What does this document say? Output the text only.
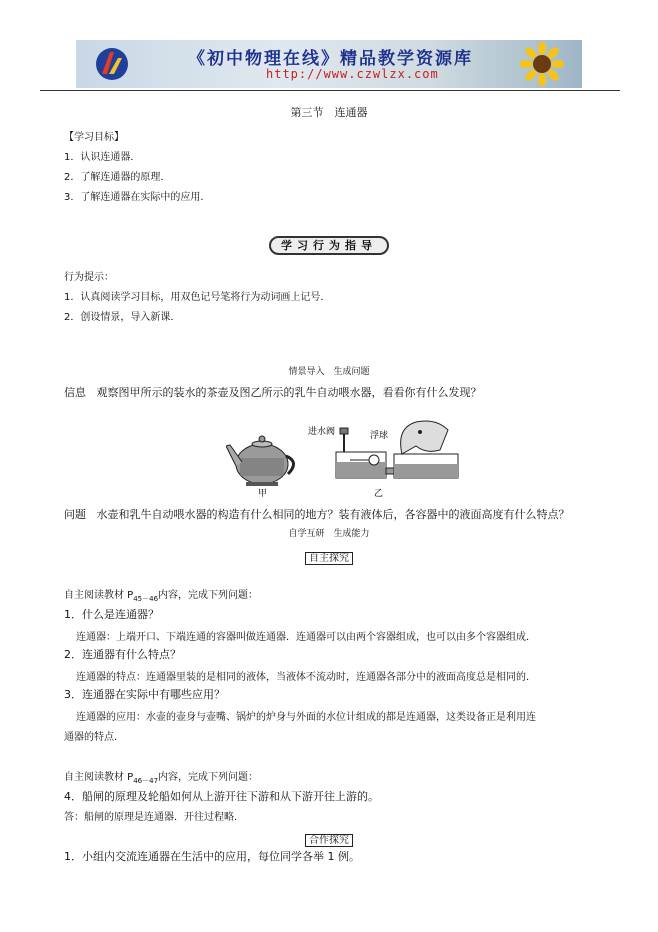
《初中物理在线》精品教学资源库
http://www.czwlzx.com
第三节　连通器
【学习目标】
1．认识连通器．
2．了解连通器的原理．
3．了解连通器在实际中的应用．
学习行为指导
行为提示：
1．认真阅读学习目标，用双色记号笔将行为动词画上记号．
2．创设情景，导入新课．
情景导入　生成问题
信息 观察图甲所示的装水的茶壶及图乙所示的乳牛自动喂水器，看看你有什么发现？
进水阀	浮球
甲	乙
问题 水壶和乳牛自动喂水器的构造有什么相同的地方？装有液体后，各容器中的液面高度有什么特点？
自学互研　生成能力
自主探究
自主阅读教材 $P_{45-46}$内容，完成下列问题：
1．什么是连通器？
连通器：上端开口、下端连通的容器叫做连通器．连通器可以由两个容器组成，也可以由多个容器组成．
2．连通器有什么特点？
连通器的特点：连通器里装的是相同的液体，当液体不流动时，连通器各部分中的液面高度总是相同的．
3．连通器在实际中有哪些应用？
连通器的应用：水壶的壶身与壶嘴、锅炉的炉身与外面的水位计组成的都是连通器，这类设备正是利用连
通器的特点．
自主阅读教材 $P_{46-47}$内容，完成下列问题：
4．船闸的原理及轮船如何从上游开往下游和从下游开往上游的。
答：船闸的原理是连通器．开往过程略．
合作探究
1．小组内交流连通器在生活中的应用，每位同学各举 1 例。
